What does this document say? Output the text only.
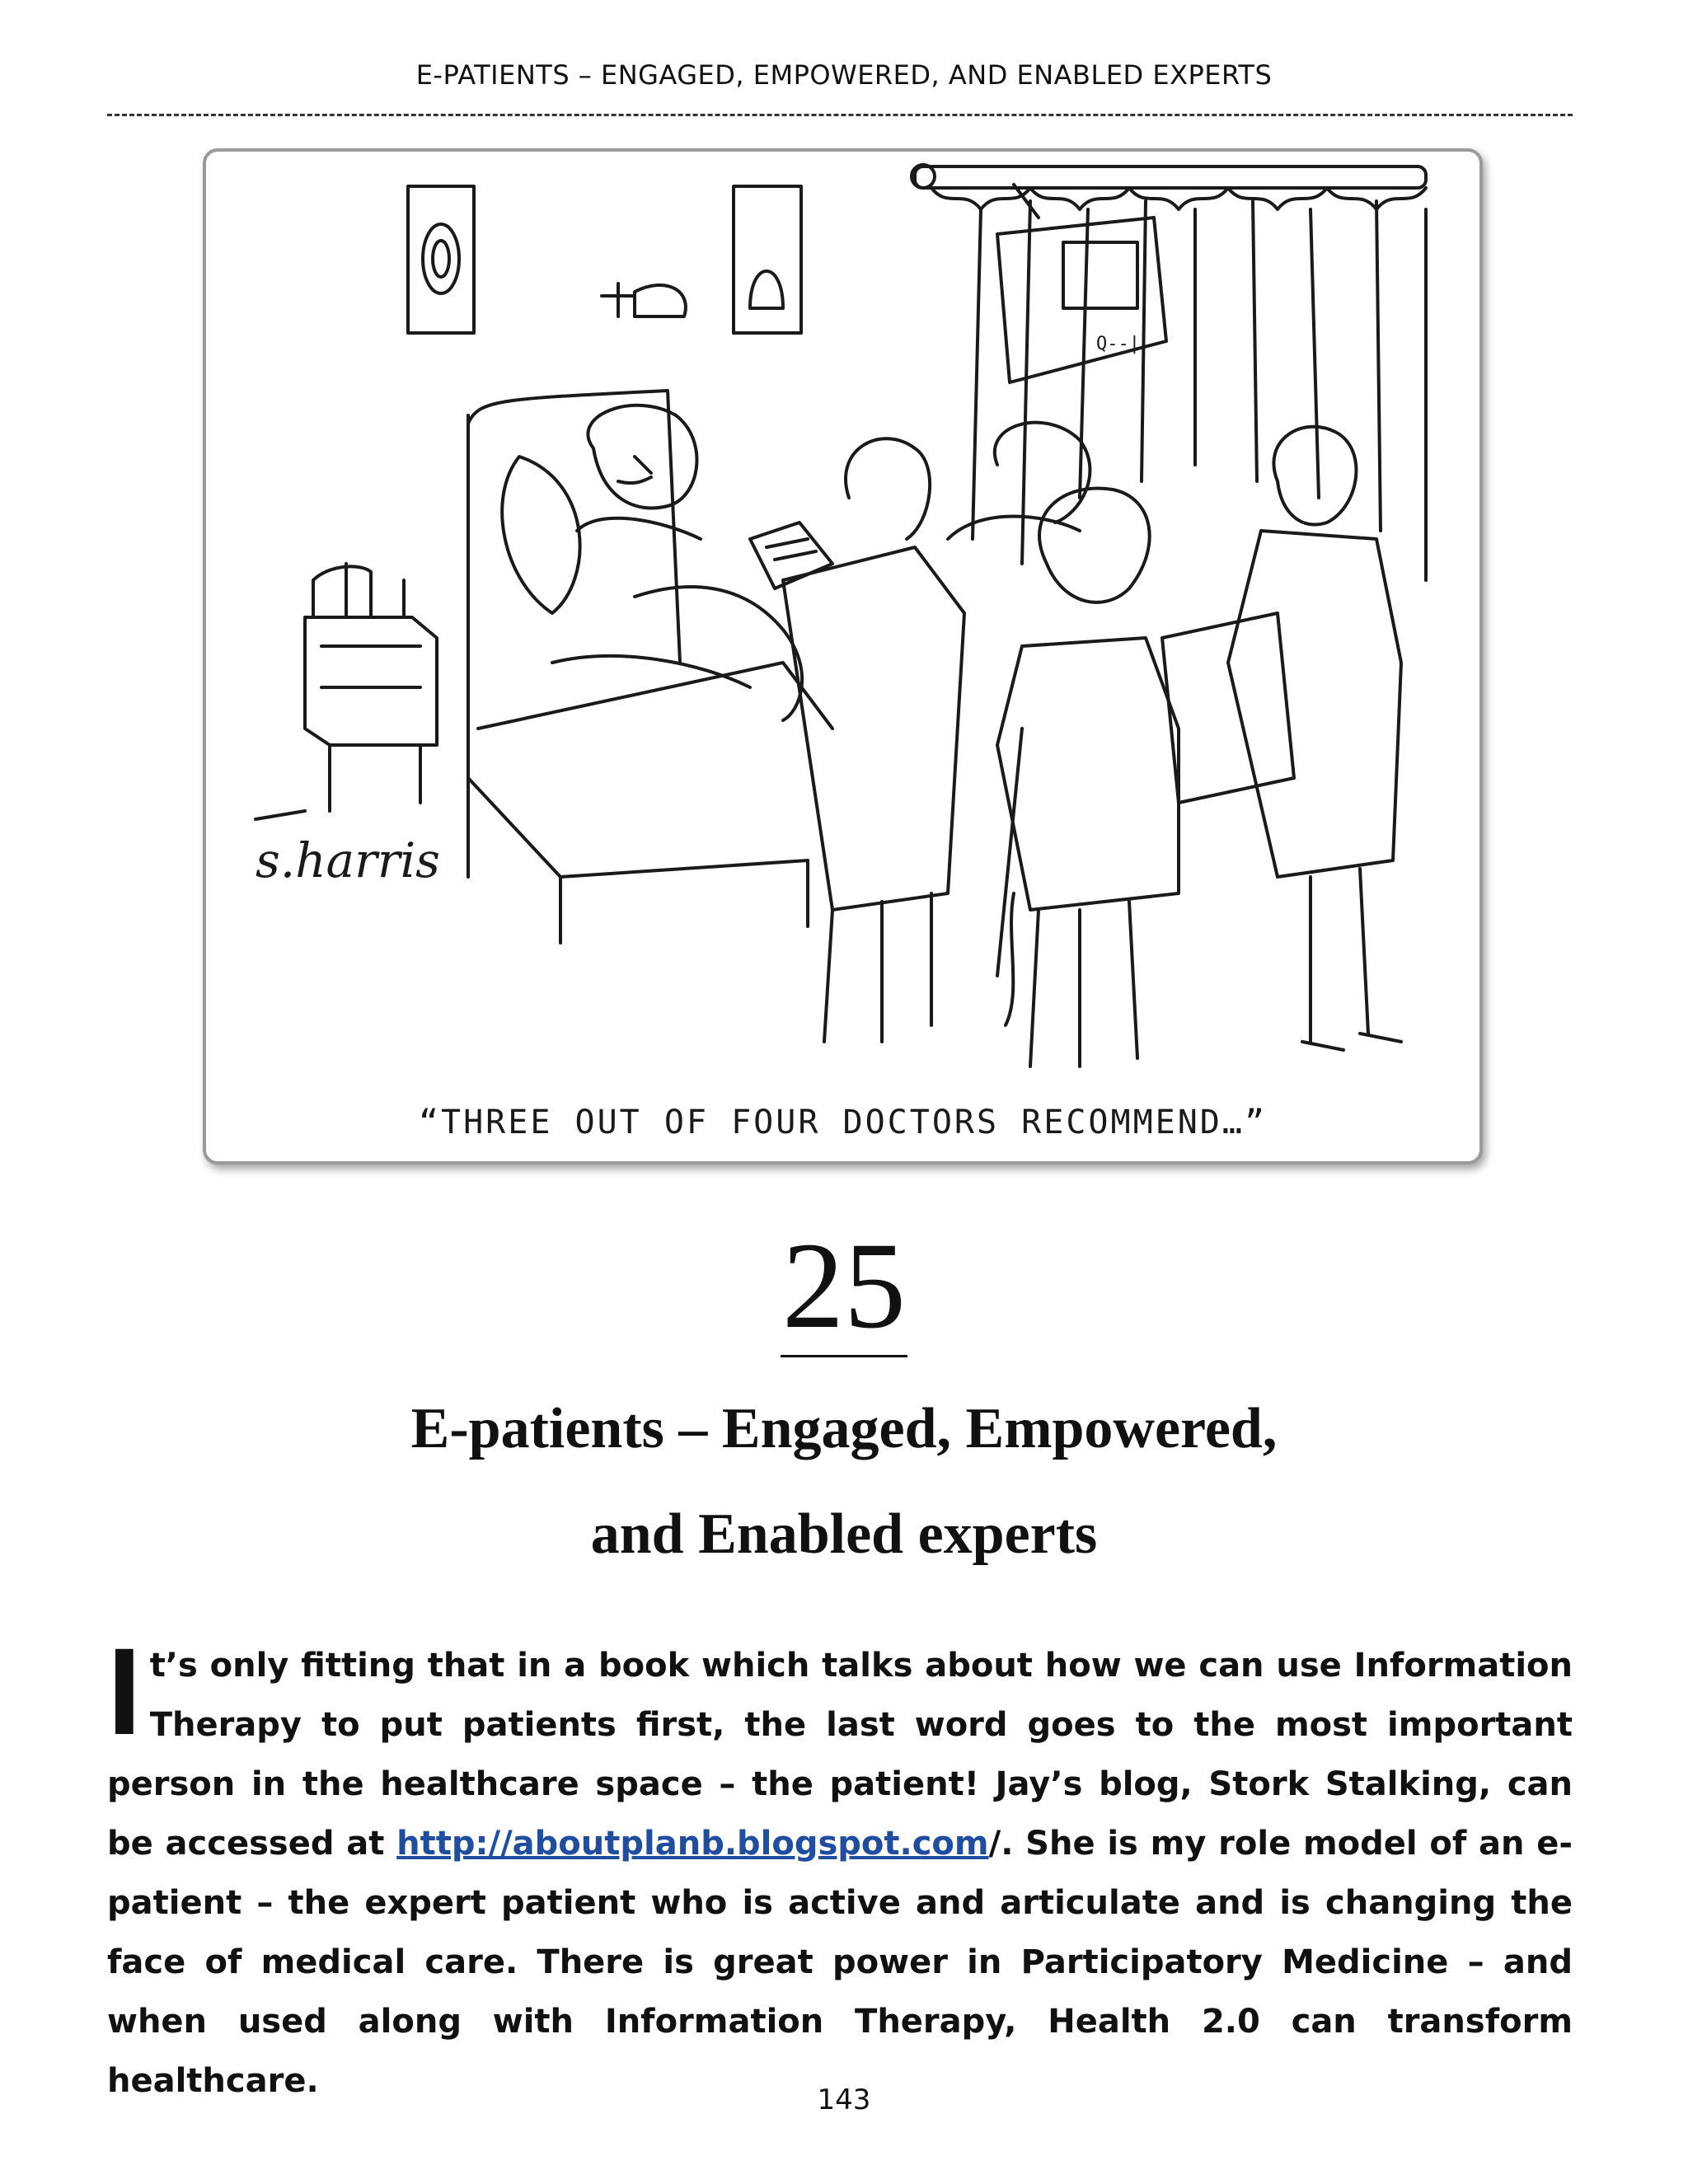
E-PATIENTS – ENGAGED, EMPOWERED, AND ENABLED EXPERTS
Q--|
s.harris
“THREE OUT OF FOUR DOCTORS RECOMMEND…”
25
E-patients – Engaged, Empowered,
and Enabled experts
It’s only fitting that in a book which talks about how we can use Information Therapy to put patients first, the last word goes to the most important person in the healthcare space – the patient! Jay’s blog, Stork Stalking, can be accessed at http://aboutplanb.blogspot.com/. She is my role model of an e-patient – the expert patient who is active and articulate and is changing the face of medical care. There is great power in Participatory Medicine – and when used along with Information Therapy, Health 2.0 can transform healthcare.	143
